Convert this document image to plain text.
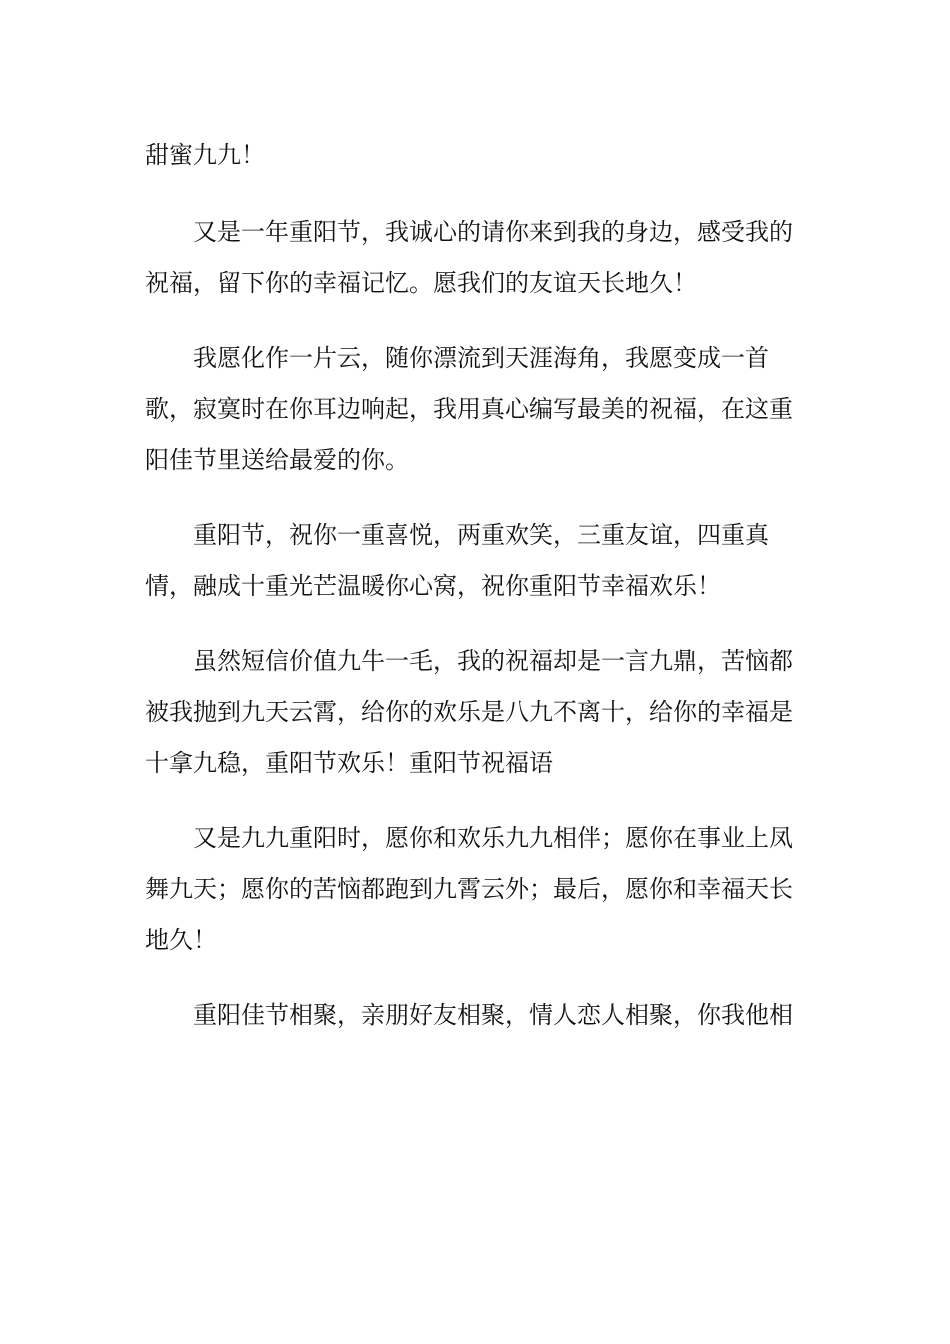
甜蜜九九！

又是一年重阳节，我诚心的请你来到我的身边，感受我的祝福，留下你的幸福记忆。愿我们的友谊天长地久！

我愿化作一片云，随你漂流到天涯海角，我愿变成一首歌，寂寞时在你耳边响起，我用真心编写最美的祝福，在这重阳佳节里送给最爱的你。

重阳节，祝你一重喜悦，两重欢笑，三重友谊，四重真情，融成十重光芒温暖你心窝，祝你重阳节幸福欢乐！

虽然短信价值九牛一毛，我的祝福却是一言九鼎，苦恼都被我抛到九天云霄，给你的欢乐是八九不离十，给你的幸福是十拿九稳，重阳节欢乐！重阳节祝福语

又是九九重阳时，愿你和欢乐九九相伴；愿你在事业上凤舞九天；愿你的苦恼都跑到九霄云外；最后，愿你和幸福天长地久！

重阳佳节相聚，亲朋好友相聚，情人恋人相聚，你我他相
